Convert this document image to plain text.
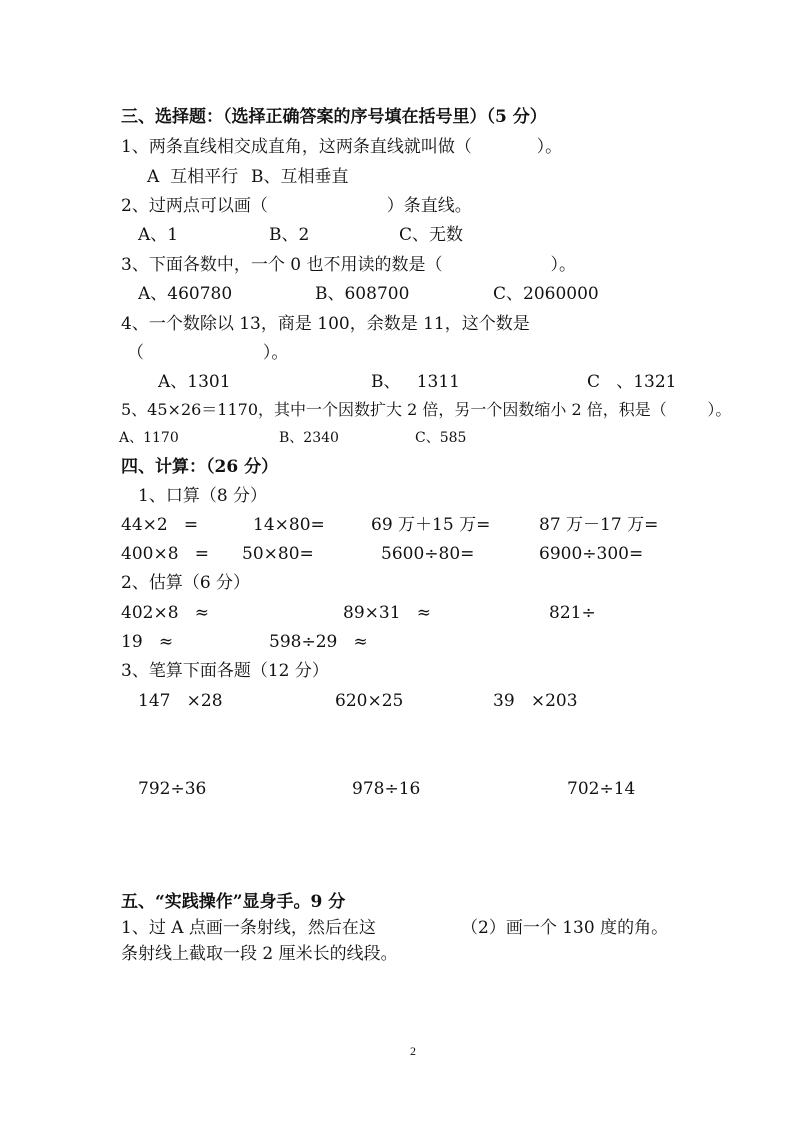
三、选择题：（选择正确答案的序号填在括号里）（5 分）
1、两条直线相交成直角，这两条直线就叫做（            ）。
A  互相平行 B、互相垂直
2、过两点可以画（                      ）条直线。
A、1	B、2	C、无数
3、下面各数中，一个 0 也不用读的数是（                    ）。
A、460780	B、608700	C、2060000
4、一个数除以 13，商是 100，余数是 11，这个数是
（                      ）。
A、1301	B、   1311	C   、1321
5、45×26＝1170，其中一个因数扩大 2 倍，另一个因数缩小 2 倍，积是（        ）。
A、1170	B、2340	C、585
四、计算：（26 分）
1、口算（8 分）
44×2   =	14×80=	69 万＋15 万=	87 万－17 万=
400×8   = 50×80=	5600÷80=	6900÷300=
2、估算（6 分）
402×8   ≈	89×31   ≈	821÷
19   ≈	598÷29   ≈
3、笔算下面各题（12 分）
147   ×28	620×25	39   ×203
792÷36	978÷16	702÷14
五、“实践操作”显身手。9 分
1、过 A 点画一条射线，然后在这	（2）画一个 130 度的角。
条射线上截取一段 2 厘米长的线段。
2
